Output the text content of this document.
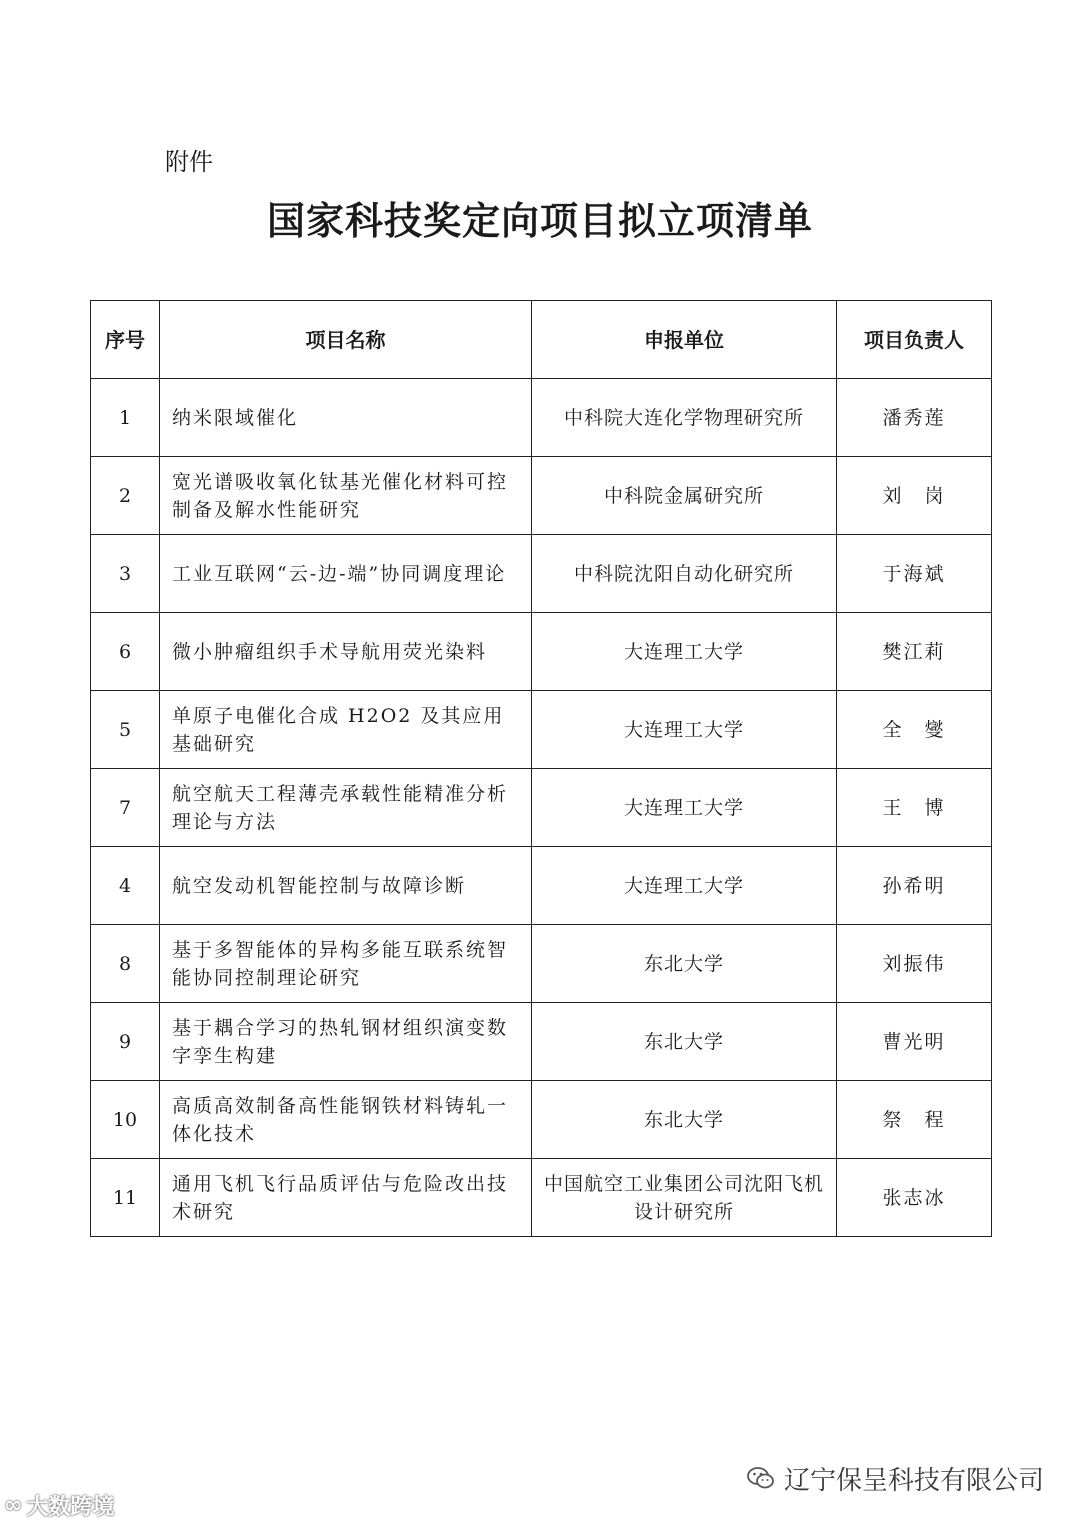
附件
国家科技奖定向项目拟立项清单
序号	项目名称	申报单位	项目负责人
1	纳米限域催化	中科院大连化学物理研究所	潘秀莲
2	宽光谱吸收氧化钛基光催化材料可控制备及解水性能研究	中科院金属研究所	刘　岗
3	工业互联网“云-边-端”协同调度理论	中科院沈阳自动化研究所	于海斌
6	微小肿瘤组织手术导航用荧光染料	大连理工大学	樊江莉
5	单原子电催化合成 H2O2 及其应用基础研究	大连理工大学	全　燮
7	航空航天工程薄壳承载性能精准分析理论与方法	大连理工大学	王　博
4	航空发动机智能控制与故障诊断	大连理工大学	孙希明
8	基于多智能体的异构多能互联系统智能协同控制理论研究	东北大学	刘振伟
9	基于耦合学习的热轧钢材组织演变数字孪生构建	东北大学	曹光明
10	高质高效制备高性能钢铁材料铸轧一体化技术	东北大学	祭　程
11	通用飞机飞行品质评估与危险改出技术研究	中国航空工业集团公司沈阳飞机设计研究所	张志冰
∞ 大数跨境
辽宁保呈科技有限公司
